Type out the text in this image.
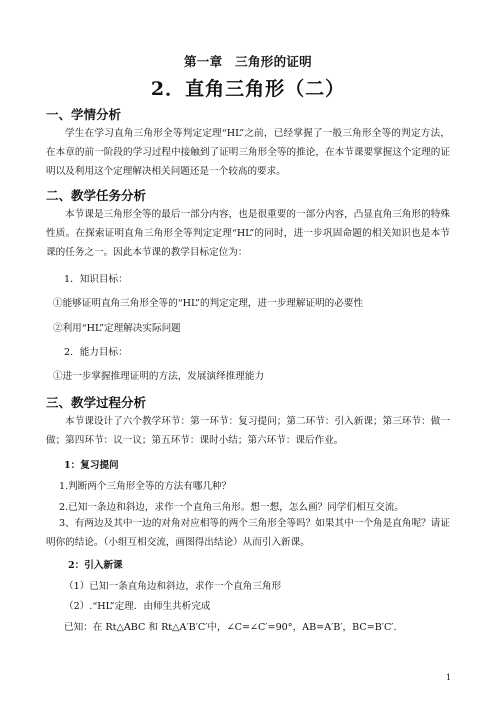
第一章　三角形的证明
2．直角三角形（二）
一、学情分析
学生在学习直角三角形全等判定定理“HL”之前，已经掌握了一般三角形全等的判定方法，在本章的前一阶段的学习过程中接触到了证明三角形全等的推论，在本节课要掌握这个定理的证明以及利用这个定理解决相关问题还是一个较高的要求。
二、教学任务分析
本节课是三角形全等的最后一部分内容，也是很重要的一部分内容，凸显直角三角形的特殊性质。在探索证明直角三角形全等判定定理“HL”的同时，进一步巩固命题的相关知识也是本节课的任务之一。因此本节课的教学目标定位为：
1．知识目标：
①能够证明直角三角形全等的“HL”的判定定理，进一步理解证明的必要性
②利用“HL”定理解决实际问题
2．能力目标：
①进一步掌握推理证明的方法，发展演绎推理能力
三、教学过程分析
本节课设计了六个教学环节：第一环节：复习提问；第二环节：引入新课；第三环节：做一做；第四环节：议一议；第五环节：课时小结；第六环节：课后作业。
1：复习提问
1.判断两个三角形全等的方法有哪几种？
2.已知一条边和斜边，求作一个直角三角形。想一想，怎么画？同学们相互交流。
3、有两边及其中一边的对角对应相等的两个三角形全等吗？如果其中一个角是直角呢？请证明你的结论。（小组互相交流，画图得出结论）从而引入新课。
2：引入新课
（1）已知一条直角边和斜边，求作一个直角三角形
（2）.“HL”定理．由师生共析完成
已知：在 Rt△ABC 和 Rt△A′B′C′中，∠C=∠C′=90°，AB=A′B′，BC=B′C′.
1
